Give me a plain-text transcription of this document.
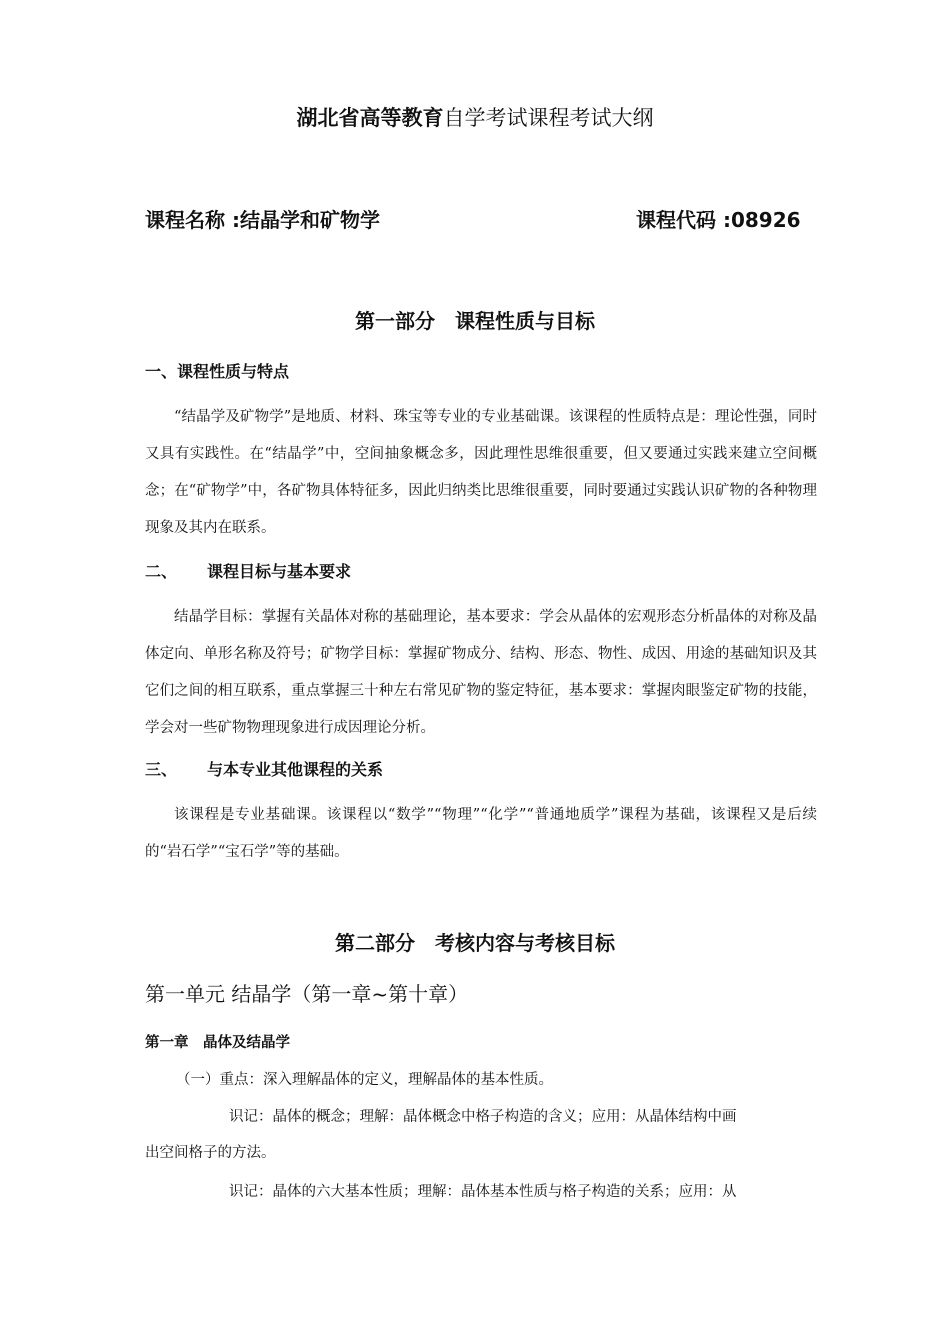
湖北省高等教育自学考试课程考试大纲
课程名称 :结晶学和矿物学	课程代码 :08926
第一部分　课程性质与目标
一、课程性质与特点
“结晶学及矿物学”是地质、材料、珠宝等专业的专业基础课。该课程的性质特点是：理论性强，同时又具有实践性。在“结晶学”中，空间抽象概念多，因此理性思维很重要，但又要通过实践来建立空间概念；在“矿物学”中，各矿物具体特征多，因此归纳类比思维很重要，同时要通过实践认识矿物的各种物理现象及其内在联系。
二、 课程目标与基本要求
结晶学目标：掌握有关晶体对称的基础理论，基本要求：学会从晶体的宏观形态分析晶体的对称及晶体定向、单形名称及符号；矿物学目标：掌握矿物成分、结构、形态、物性、成因、用途的基础知识及其它们之间的相互联系，重点掌握三十种左右常见矿物的鉴定特征，基本要求：掌握肉眼鉴定矿物的技能，学会对一些矿物物理现象进行成因理论分析。
三、 与本专业其他课程的关系
该课程是专业基础课。该课程以“数学”“物理”“化学”“普通地质学”课程为基础，该课程又是后续的“岩石学”“宝石学”等的基础。
第二部分　考核内容与考核目标
第一单元 结晶学（第一章~第十章）
第一章　晶体及结晶学
（一）重点：深入理解晶体的定义，理解晶体的基本性质。
识记：晶体的概念；理解：晶体概念中格子构造的含义；应用：从晶体结构中画
出空间格子的方法。
识记：晶体的六大基本性质；理解：晶体基本性质与格子构造的关系；应用：从
